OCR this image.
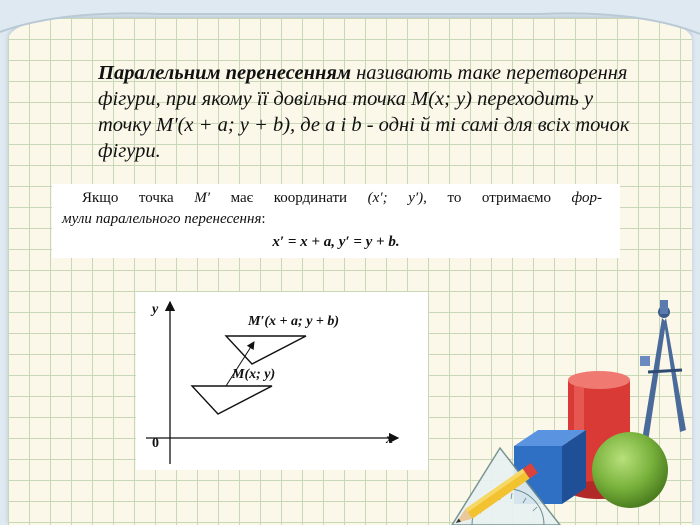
Паралельним перенесенням називають таке перетворення фігури, при якому її довільна точка M(x; y) переходить у точку M'(x + a; y + b), де a і b - одні й ті самі для всіх точок фігури.
Якщо точка M′ має координати (x′; y′), то отримаємо фор-
мули паралельного перенесення:
x′ = x + a, y′ = y + b.
y
x
0
M′(x + a; y + b)
M(x; y)
